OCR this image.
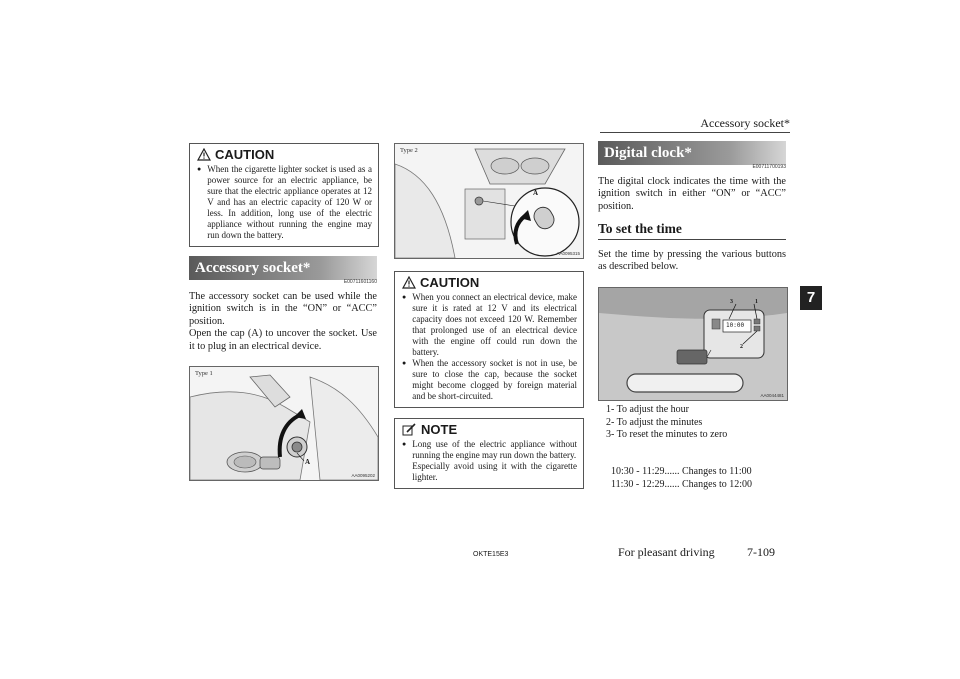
Accessory socket*
7
CAUTION
● When the cigarette lighter socket is used as a power source for an electric appliance, be sure that the electric appliance operates at 12 V and has an electric capacity of 120 W or less. In addition, long use of the electric appliance without running the engine may run down the battery.
Accessory socket*
E00711601160
The accessory socket can be used while the ignition switch is in the “ON” or “ACC” position.
Open the cap (A) to uncover the socket. Use it to plug in an electrical device.
Type 1
A
AA0095202
Type 2
A
AA0095315
CAUTION
● When you connect an electrical device, make sure it is rated at 12 V and its electrical capacity does not exceed 120 W. Remember that prolonged use of an electrical device with the engine off could run down the battery.
● When the accessory socket is not in use, be sure to close the cap, because the socket might become clogged by foreign material and be short-circuited.
NOTE
● Long use of the electric appliance without running the engine may run down the battery.
Especially avoid using it with the cigarette lighter.
Digital clock*
E00711700193
The digital clock indicates the time with the ignition switch in either “ON” or “ACC” position.
To set the time
Set the time by pressing the various buttons as described below.
3	1
2
10:00
AA0044481
1- To adjust the hour
2- To adjust the minutes
3- To reset the minutes to zero
10:30 - 11:29...... Changes to 11:00
11:30 - 12:29...... Changes to 12:00
OKTE15E3	For pleasant driving	7-109
